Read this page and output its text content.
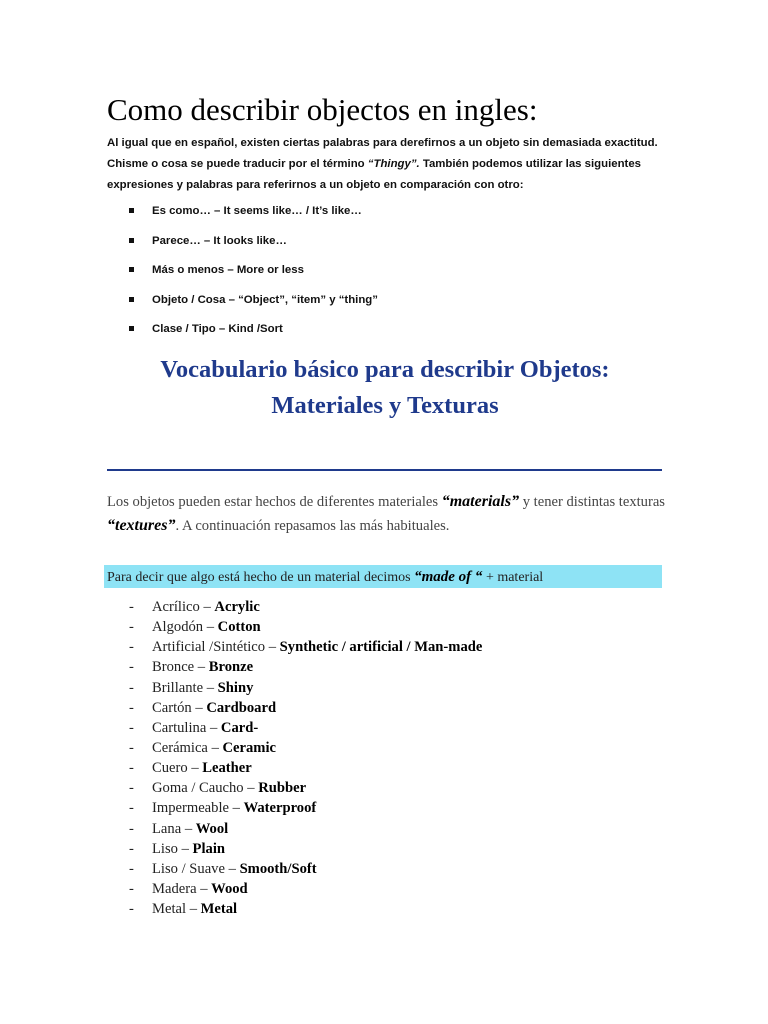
Como describir objectos en ingles:

Al igual que en español, existen ciertas palabras para derefirnos a un objeto sin demasiada exactitud. Chisme o cosa se puede traducir por el término “Thingy”. También podemos utilizar las siguientes expresiones y palabras para referirnos a un objeto en comparación con otro:

Es como… – It seems like… / It’s like…
Parece… – It looks like…
Más o menos – More or less
Objeto / Cosa – “Object”, “item” y “thing”
Clase / Tipo – Kind /Sort
Vocabulario básico para describir Objetos:
Materiales y Texturas

Los objetos pueden estar hechos de diferentes materiales “materials” y tener distintas texturas “textures”. A continuación repasamos las más habituales.

Para decir que algo está hecho de un material decimos “made of “ + material
- Acrílico – Acrylic
- Algodón – Cotton
- Artificial /Sintético – Synthetic / artificial / Man-made
- Bronce – Bronze
- Brillante – Shiny
- Cartón – Cardboard
- Cartulina – Card-
- Cerámica – Ceramic
- Cuero – Leather
- Goma / Caucho – Rubber
- Impermeable – Waterproof
- Lana – Wool
- Liso – Plain
- Liso / Suave – Smooth/Soft
- Madera – Wood
- Metal – Metal
